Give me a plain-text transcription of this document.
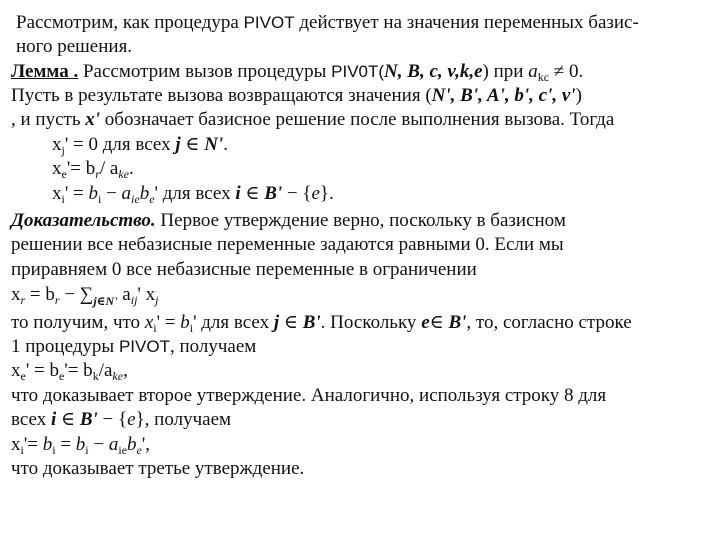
Рассмотрим, как процедура PIVOT действует на значения переменных базис-
ного решения.
Лемма . Рассмотрим вызов процедуры PIV0T(N, B, c, v,k,e) при $a_{kc} \ne 0$.
Пусть в результате вызова возвращаются значения (N', B', A', b', c', v')
, и пусть x' обозначает базисное решение после выполнения вызова. Тогда
$x_j' = 0$ для всех j ∈ N'.
$x_e'= b_r/$ $a_{ke}$.
$x_i' = b_i - a_{ie}b_e'$ для всех i ∈ B' − {e}.
Доказательство. Первое утверждение верно, поскольку в базисном
решении все небазисные переменные задаются равными 0. Если мы
приравняем 0 все небазисные переменные в ограничении
$x_r = b_r - \sum_{j\in N'}$ $a_{ij}'$ $x_j$
то получим, что $x_i' = b_i'$ для всех j ∈ B'. Поскольку e∈ B', то, согласно строке
1 процедуры PIVOT, получаем
$x_e' = b_e'= b_k/a_{ke}$,
что доказывает второе утверждение. Аналогично, используя строку 8 для
всех i ∈ B' − {e}, получаем
$x_i'= b_i = b_i - a_{ie}b_e'$,
что доказывает третье утверждение.
